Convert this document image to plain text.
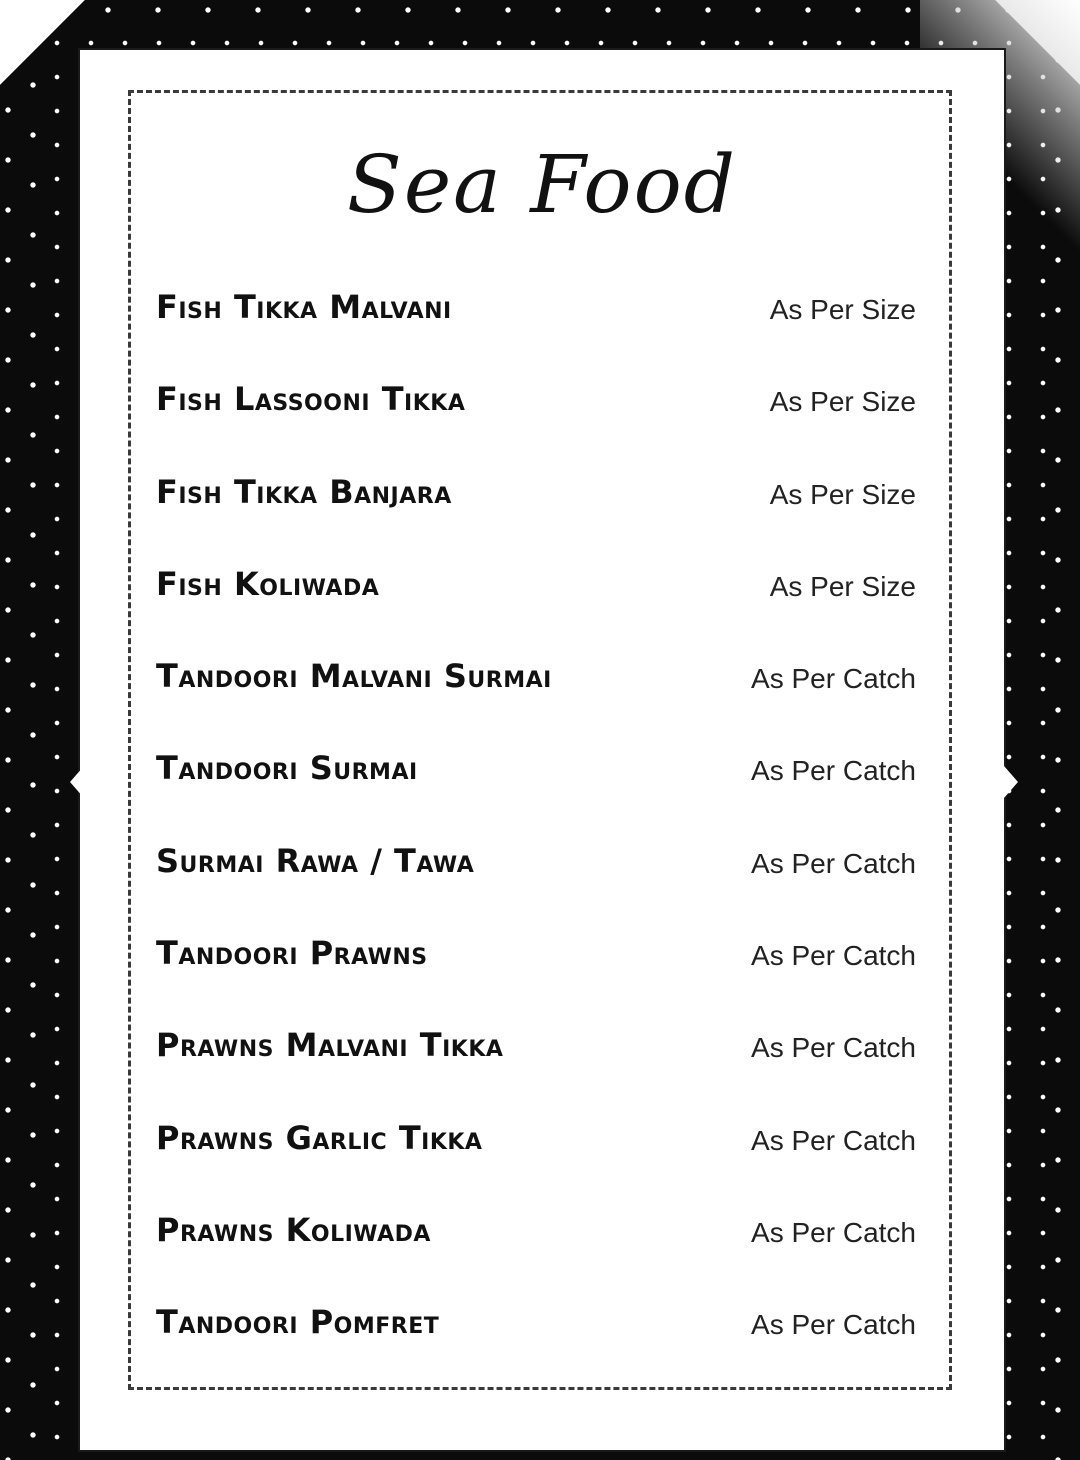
Sea Food
Fish Tikka Malvani	As Per Size
Fish Lassooni Tikka	As Per Size
Fish Tikka Banjara	As Per Size
Fish Koliwada	As Per Size
Tandoori Malvani Surmai	As Per Catch
Tandoori Surmai	As Per Catch
Surmai Rawa / Tawa	As Per Catch
Tandoori Prawns	As Per Catch
Prawns Malvani Tikka	As Per Catch
Prawns Garlic Tikka	As Per Catch
Prawns Koliwada	As Per Catch
Tandoori Pomfret	As Per Catch
